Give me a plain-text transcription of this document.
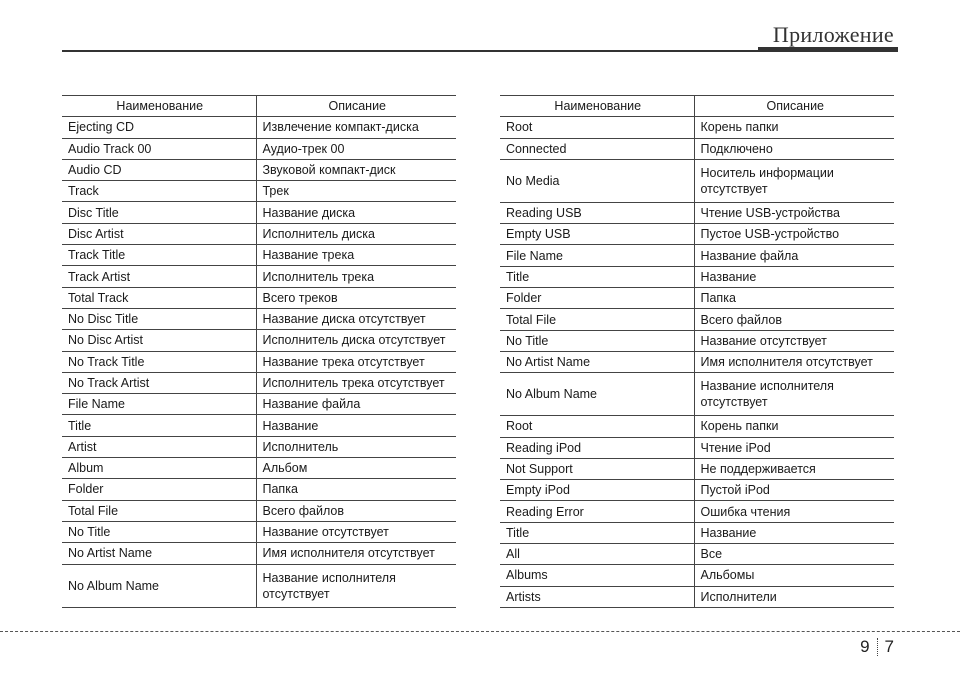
Приложение
Наименование		Описание
Ejecting CD		Извлечение компакт-диска
Audio Track 00		Аудио-трек 00
Audio CD		Звуковой компакт-диск
Track		Трек
Disc Title		Название диска
Disc Artist		Исполнитель диска
Track Title		Название трека
Track Artist		Исполнитель трека
Total Track		Всего треков
No Disc Title		Название диска отсутствует
No Disc Artist		Исполнитель диска отсутствует
No Track Title		Название трека отсутствует
No Track Artist		Исполнитель трека отсутствует
File Name		Название файла
Title		Название
Artist		Исполнитель
Album		Альбом
Folder		Папка
Total File		Всего файлов
No Title		Название отсутствует
No Artist Name		Имя исполнителя отсутствует
No Album Name		Название исполнителя отсутствует
Наименование		Описание
Root		Корень папки
Connected		Подключено
No Media		Носитель информации отсутствует
Reading USB		Чтение USB-устройства
Empty USB		Пустое USB-устройство
File Name		Название файла
Title		Название
Folder		Папка
Total File		Всего файлов
No Title		Название отсутствует
No Artist Name		Имя исполнителя отсутствует
No Album Name		Название исполнителя отсутствует
Root		Корень папки
Reading iPod		Чтение iPod
Not Support		Не поддерживается
Empty iPod		Пустой iPod
Reading Error		Ошибка чтения
Title		Название
All		Все
Albums		Альбомы
Artists		Исполнители
9 7
